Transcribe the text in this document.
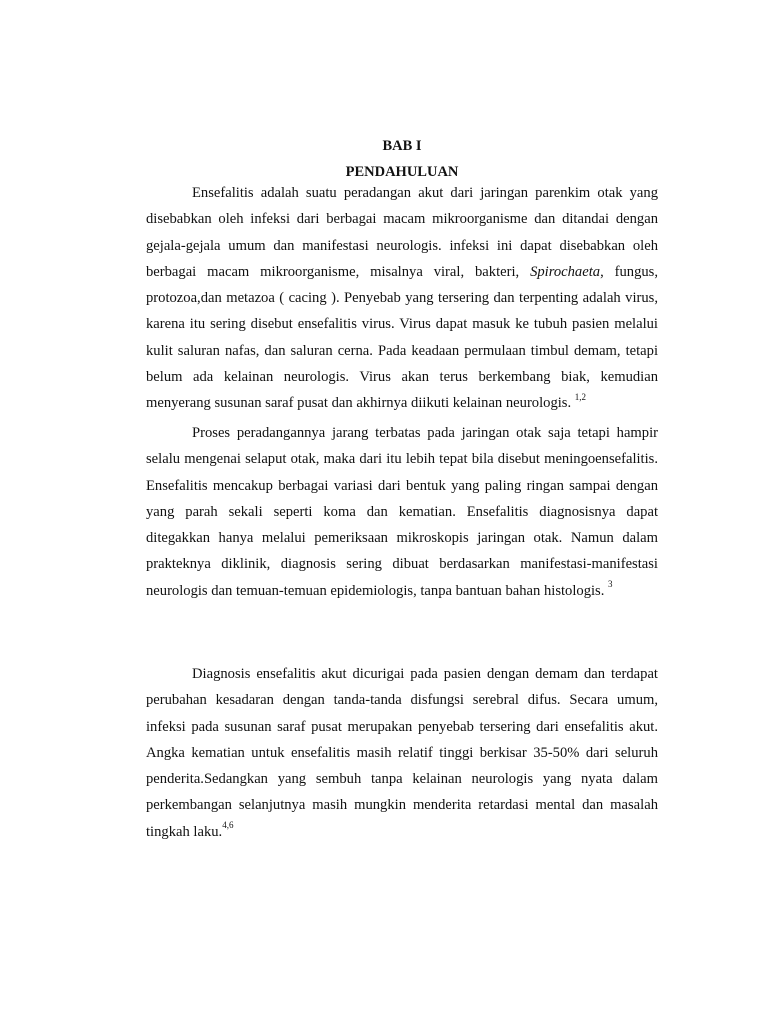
BAB I
PENDAHULUAN

Ensefalitis adalah suatu peradangan akut dari jaringan parenkim otak yang disebabkan oleh infeksi dari berbagai macam mikroorganisme dan ditandai dengan gejala-gejala umum dan manifestasi neurologis. infeksi ini dapat disebabkan oleh berbagai macam mikroorganisme, misalnya viral, bakteri, Spirochaeta, fungus, protozoa,dan metazoa ( cacing ). Penyebab yang tersering dan terpenting adalah virus, karena itu sering disebut ensefalitis virus. Virus dapat masuk ke tubuh pasien melalui kulit saluran nafas, dan saluran cerna. Pada keadaan permulaan timbul demam, tetapi belum ada kelainan neurologis. Virus akan terus berkembang biak, kemudian menyerang susunan saraf pusat dan akhirnya diikuti kelainan neurologis. $^{1,2}$

Proses peradangannya jarang terbatas pada jaringan otak saja tetapi hampir selalu mengenai selaput otak, maka dari itu lebih tepat bila disebut meningoensefalitis. Ensefalitis mencakup berbagai variasi dari bentuk yang paling ringan sampai dengan yang parah sekali seperti koma dan kematian. Ensefalitis diagnosisnya dapat ditegakkan hanya melalui pemeriksaan mikroskopis jaringan otak. Namun dalam prakteknya diklinik, diagnosis sering dibuat berdasarkan manifestasi-manifestasi neurologis dan temuan-temuan epidemiologis, tanpa bantuan bahan histologis. $^3$

Diagnosis ensefalitis akut dicurigai pada pasien dengan demam dan terdapat perubahan kesadaran dengan tanda-tanda disfungsi serebral difus. Secara umum, infeksi pada susunan saraf pusat merupakan penyebab tersering dari ensefalitis akut. Angka kematian untuk ensefalitis masih relatif tinggi berkisar 35-50% dari seluruh penderita.Sedangkan yang sembuh tanpa kelainan neurologis yang nyata dalam perkembangan selanjutnya masih mungkin menderita retardasi mental dan masalah tingkah laku.$^{4,6}$
